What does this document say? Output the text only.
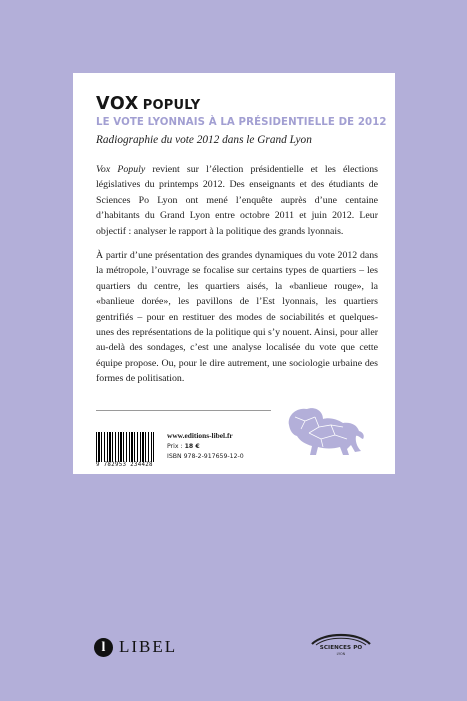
VOX POPULY
LE VOTE LYONNAIS À LA PRÉSIDENTIELLE DE 2012
Radiographie du vote 2012 dans le Grand Lyon

Vox Populy revient sur l’élection présidentielle et les élections législatives du printemps 2012. Des enseignants et des étudiants de Sciences Po Lyon ont mené l’enquête auprès d’une centaine d’habitants du Grand Lyon entre octobre 2011 et juin 2012. Leur objectif : analyser le rapport à la politique des grands lyonnais.

À partir d’une présentation des grandes dynamiques du vote 2012 dans la métropole, l’ouvrage se focalise sur certains types de quartiers – les quartiers du centre, les quartiers aisés, la «banlieue rouge», la «banlieue dorée», les pavillons de l’Est lyonnais, les quartiers gentrifiés – pour en restituer des modes de sociabilités et quelques-unes des représentations de la politique qui s’y nouent. Ainsi, pour aller au-delà des sondages, c’est une analyse localisée du vote que cette équipe propose. Ou, pour le dire autrement, une sociologie urbaine des formes de politisation.

9 782953 234428
www.editions-libel.fr
Prix : 18 €
ISBN 978-2-917659-12-0
l LIBEL	SCIENCES PO
LYON
